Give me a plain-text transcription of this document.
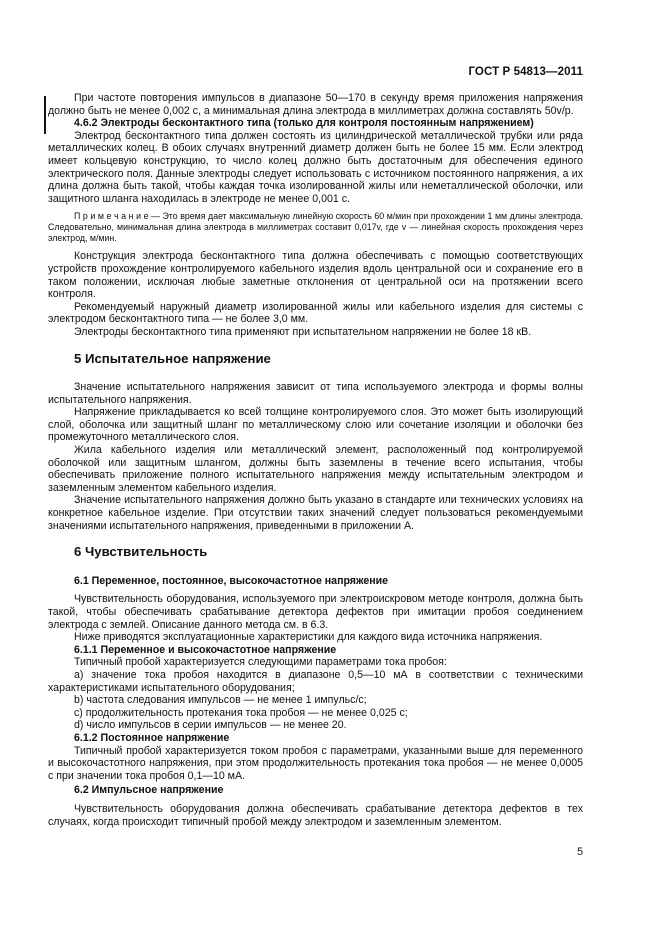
ГОСТ Р 54813—2011

При частоте повторения импульсов в диапазоне 50—170 в секунду время приложения напряжения должно быть не менее 0,002 с, а минимальная длина электрода в миллиметрах должна составлять 50v/p.

4.6.2 Электроды бесконтактного типа (только для контроля постоянным напряжением)

Электрод бесконтактного типа должен состоять из цилиндрической металлической трубки или ряда металлических колец. В обоих случаях внутренний диаметр должен быть не более 15 мм. Если электрод имеет кольцевую конструкцию, то число колец должно быть достаточным для обеспечения единого электрического поля. Данные электроды следует использовать с источником постоянного напряжения, а их длина должна быть такой, чтобы каждая точка изолированной жилы или неметаллической оболочки, или защитного шланга находилась в электроде не менее 0,001 с.

П р и м е ч а н и е — Это время дает максимальную линейную скорость 60 м/мин при прохождении 1 мм длины электрода. Следовательно, минимальная длина электрода в миллиметрах составит 0,017v, где v — линейная скорость прохождения через электрод, м/мин.

Конструкция электрода бесконтактного типа должна обеспечивать с помощью соответствующих устройств прохождение контролируемого кабельного изделия вдоль центральной оси и сохранение его в таком положении, исключая любые заметные отклонения от центральной оси на протяжении всего контроля.

Рекомендуемый наружный диаметр изолированной жилы или кабельного изделия для системы с электродом бесконтактного типа — не более 3,0 мм.

Электроды бесконтактного типа применяют при испытательном напряжении не более 18 кВ.

5 Испытательное напряжение

Значение испытательного напряжения зависит от типа используемого электрода и формы волны испытательного напряжения.

Напряжение прикладывается ко всей толщине контролируемого слоя. Это может быть изолирующий слой, оболочка или защитный шланг по металлическому слою или сочетание изоляции и оболочки без промежуточного металлического слоя.

Жила кабельного изделия или металлический элемент, расположенный под контролируемой оболочкой или защитным шлангом, должны быть заземлены в течение всего испытания, чтобы обеспечивать приложение полного испытательного напряжения между испытательным электродом и заземленным элементом кабельного изделия.

Значение испытательного напряжения должно быть указано в стандарте или технических условиях на конкретное кабельное изделие. При отсутствии таких значений следует пользоваться рекомендуемыми значениями испытательного напряжения, приведенными в приложении А.

6 Чувствительность

6.1 Переменное, постоянное, высокочастотное напряжение

Чувствительность оборудования, используемого при электроискровом методе контроля, должна быть такой, чтобы обеспечивать срабатывание детектора дефектов при имитации пробоя соединением электрода с землей. Описание данного метода см. в 6.3.

Ниже приводятся эксплуатационные характеристики для каждого вида источника напряжения.

6.1.1 Переменное и высокочастотное напряжение

Типичный пробой характеризуется следующими параметрами тока пробоя:

a) значение тока пробоя находится в диапазоне 0,5—10 мА в соответствии с техническими характеристиками испытательного оборудования;

b) частота следования импульсов — не менее 1 импульс/с;

c) продолжительность протекания тока пробоя — не менее 0,025 с;

d) число импульсов в серии импульсов — не менее 20.

6.1.2 Постоянное напряжение

Типичный пробой характеризуется током пробоя с параметрами, указанными выше для переменного и высокочастотного напряжения, при этом продолжительность протекания тока пробоя — не менее 0,0005 с при значении тока пробоя 0,1—10 мА.

6.2 Импульсное напряжение

Чувствительность оборудования должна обеспечивать срабатывание детектора дефектов в тех случаях, когда происходит типичный пробой между электродом и заземленным элементом.

5
